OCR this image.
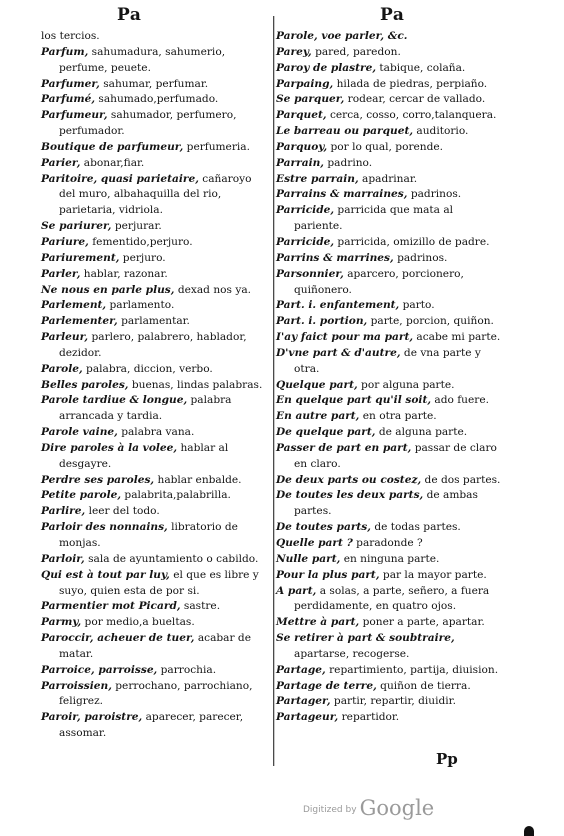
Pa	Pa

los tercios.

Parfum, sahumadura, sahumerio, perfume, peuete.

Parfumer, sahumar, perfumar.

Parfumé, sahumado,perfumado.

Parfumeur, sahumador, perfumero, perfumador.

Boutique de parfumeur, perfumeria.

Parier, abonar,fiar.

Paritoire, quasi parietaire, cañaroyo del muro, albahaquilla del rio, parietaria, vidriola.

Se pariurer, perjurar.

Pariure, fementido,perjuro.

Pariurement, perjuro.

Parler, hablar, razonar.

Ne nous en parle plus, dexad nos ya.

Parlement, parlamento.

Parlementer, parlamentar.

Parleur, parlero, palabrero, hablador, dezidor.

Parole, palabra, diccion, verbo.

Belles paroles, buenas, lindas palabras.

Parole tardiue & longue, palabra arrancada y tardia.

Parole vaine, palabra vana.

Dire paroles à la volee, hablar al desgayre.

Perdre ses paroles, hablar enbalde.

Petite parole, palabrita,palabrilla.

Parlire, leer del todo.

Parloir des nonnains, libratorio de monjas.

Parloir, sala de ayuntamiento o cabildo.

Qui est à tout par luy, el que es libre y suyo, quien esta de por si.

Parmentier mot Picard, sastre.

Parmy, por medio,a bueltas.

Paroccir, acheuer de tuer, acabar de matar.

Parroice, parroisse, parrochia.

Parroissien, perrochano, parrochiano, feligrez.

Paroir, paroistre, aparecer, parecer, assomar.

Parole, voe parler, &c.

Parey, pared, paredon.

Paroy de plastre, tabique, colaña.

Parpaing, hilada de piedras, perpiaño.

Se parquer, rodear, cercar de vallado.

Parquet, cerca, cosso, corro,talanquera.

Le barreau ou parquet, auditorio.

Parquoy, por lo qual, porende.

Parrain, padrino.

Estre parrain, apadrinar.

Parrains & marraines, padrinos.

Parricide, parricida que mata al pariente.

Parricide, parricida, omizillo de padre.

Parrins & marrines, padrinos.

Parsonnier, aparcero, porcionero, quiñonero.

Part. i. enfantement, parto.

Part. i. portion, parte, porcion, quiñon.

I'ay faict pour ma part, acabe mi parte.

D'vne part & d'autre, de vna parte y otra.

Quelque part, por alguna parte.

En quelque part qu'il soit, ado fuere.

En autre part, en otra parte.

De quelque part, de alguna parte.

Passer de part en part, passar de claro en claro.

De deux parts ou costez, de dos partes.

De toutes les deux parts, de ambas partes.

De toutes parts, de todas partes.

Quelle part ? paradonde ?

Nulle part, en ninguna parte.

Pour la plus part, par la mayor parte.

A part, a solas, a parte, señero, a fuera perdidamente, en quatro ojos.

Mettre à part, poner a parte, apartar.

Se retirer à part & soubtraire, apartarse, recogerse.

Partage, repartimiento, partija, diuision.

Partage de terre, quiñon de tierra.

Partager, partir, repartir, diuidir.

Partageur, repartidor.

Pp
Digitized by Google
